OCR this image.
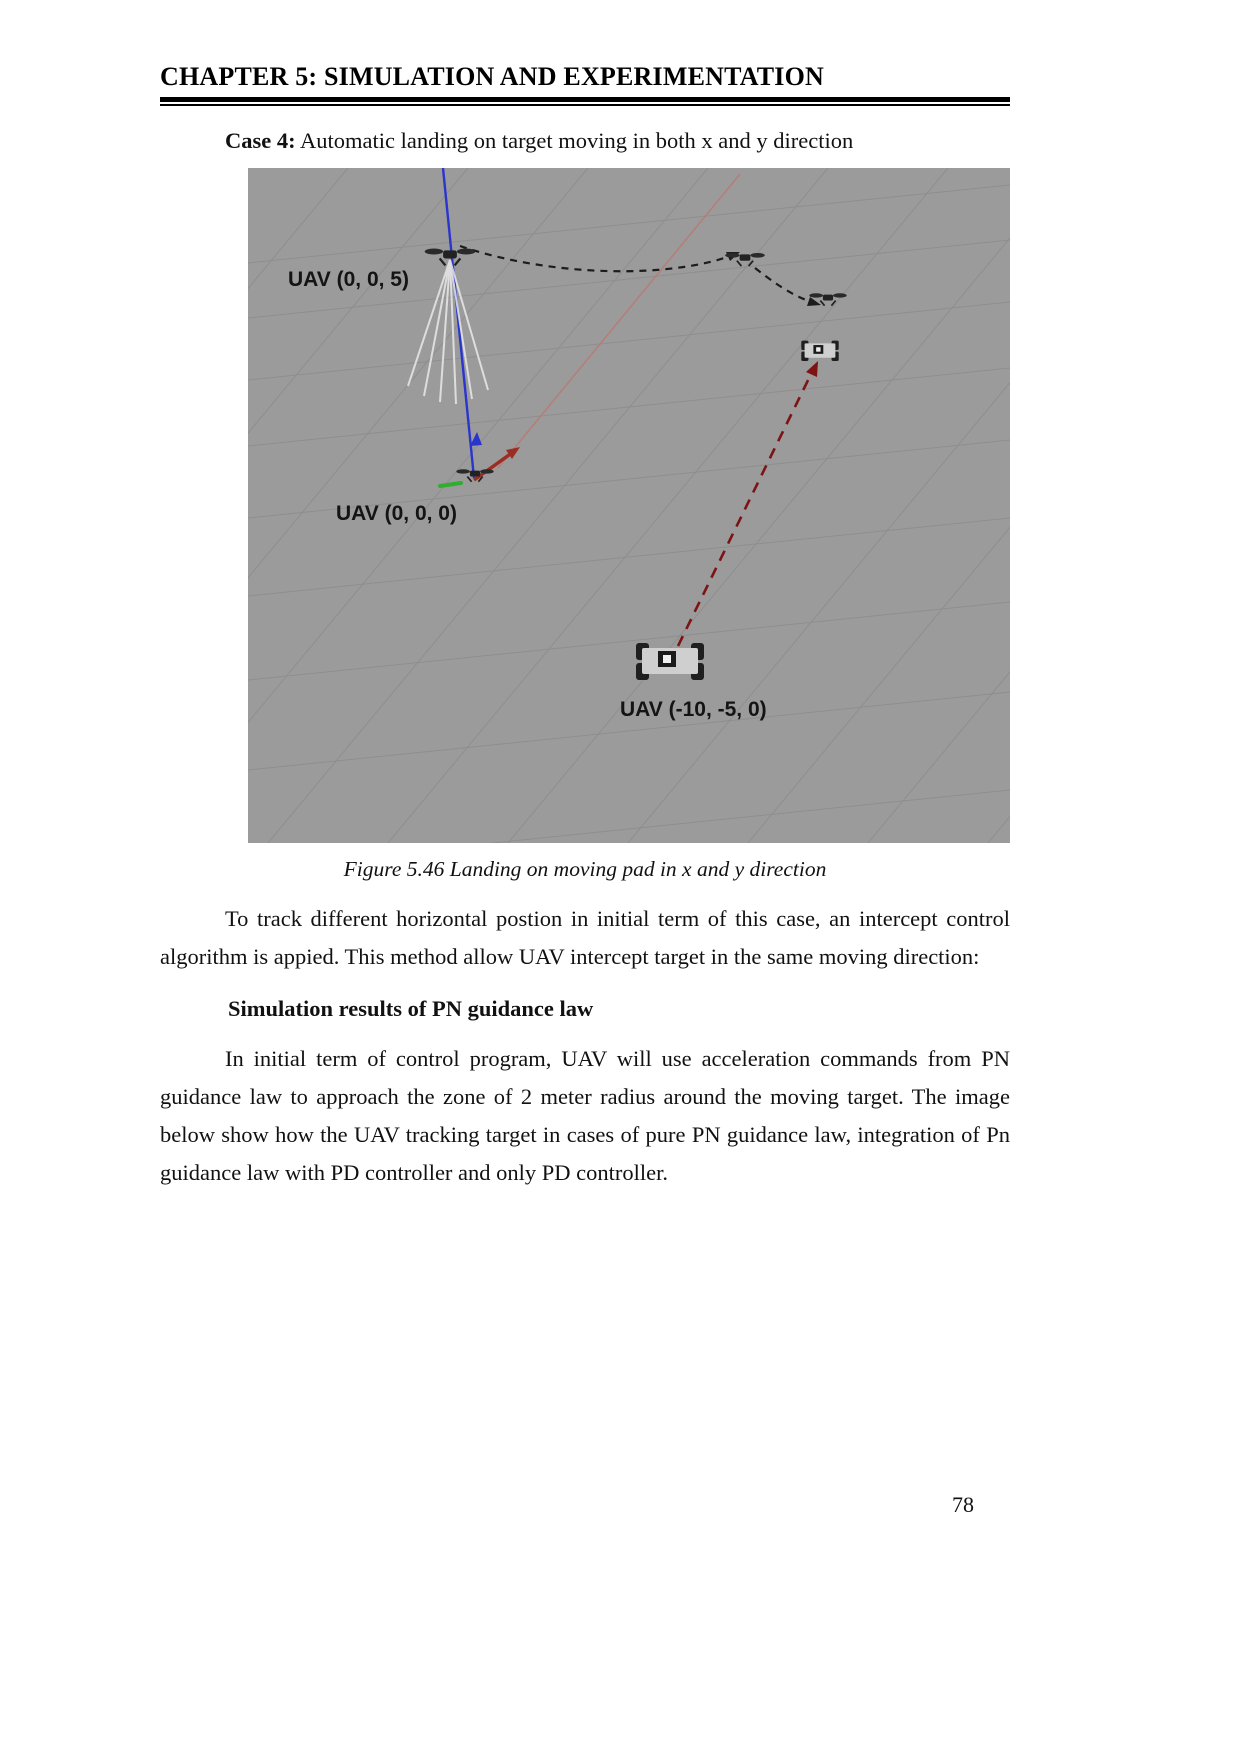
CHAPTER 5: SIMULATION AND EXPERIMENTATION
Case 4: Automatic landing on target moving in both x and y direction
UAV (0, 0, 5)
UAV (0, 0, 0)
UAV (-10, -5, 0)
Figure 5.46 Landing on moving pad in x and y direction
To track different horizontal postion in initial term of this case, an intercept control algorithm is appied. This method allow UAV intercept target in the same moving direction:
Simulation results of PN guidance law
In initial term of control program, UAV will use acceleration commands from PN guidance law to approach the zone of 2 meter radius around the moving target. The image below show how the UAV tracking target in cases of pure PN guidance law, integration of Pn guidance law with PD controller and only PD controller.
78
